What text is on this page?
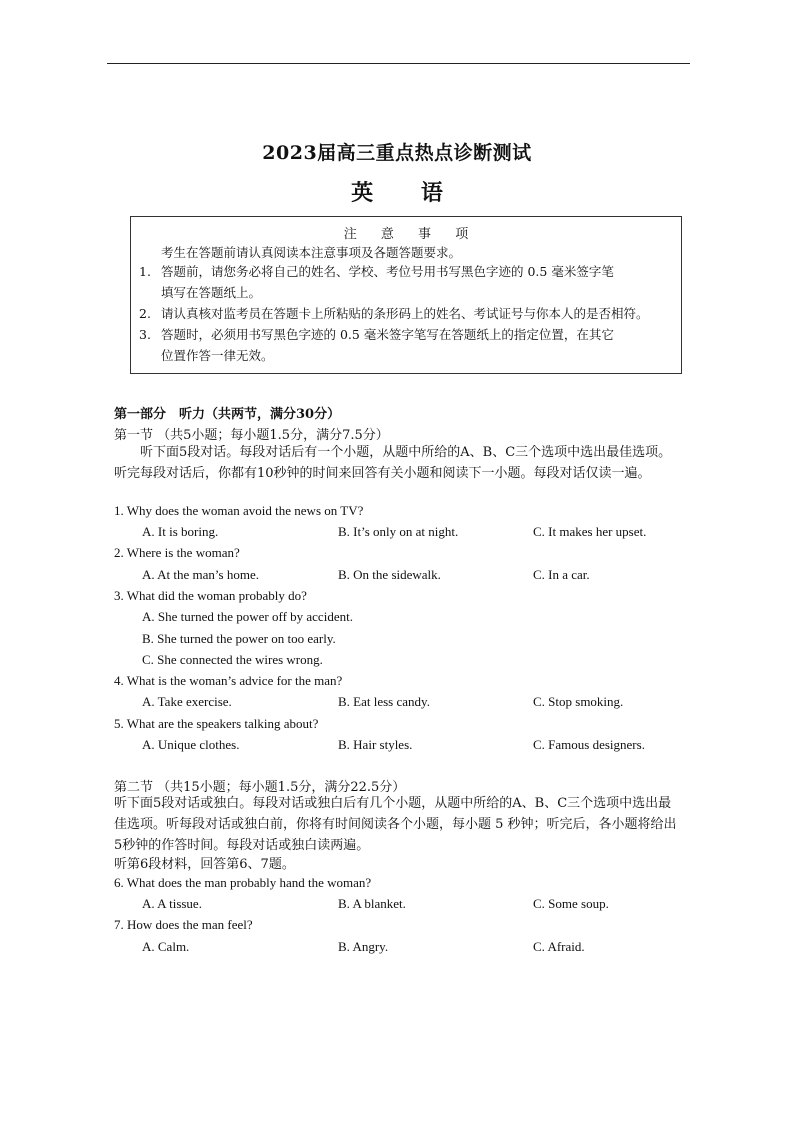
2023届高三重点热点诊断测试
英 语
注 意 事 项
考生在答题前请认真阅读本注意事项及各题答题要求。
1. 答题前，请您务必将自己的姓名、学校、考位号用书写黑色字迹的 0.5 毫米签字笔
填写在答题纸上。
2. 请认真核对监考员在答题卡上所粘贴的条形码上的姓名、考试证号与你本人的是否相符。
3. 答题时，必须用书写黑色字迹的 0.5 毫米签字笔写在答题纸上的指定位置，在其它
位置作答一律无效。
第一部分　听力（共两节，满分30分）
第一节 （共5小题；每小题1.5分，满分7.5分）
听下面5段对话。每段对话后有一个小题，从题中所给的A、B、C三个选项中选出最佳选项。听完每段对话后，你都有10秒钟的时间来回答有关小题和阅读下一小题。每段对话仅读一遍。
1. Why does the woman avoid the news on TV?
A. It is boring.	B. It’s only on at night.	C. It makes her upset.
2. Where is the woman?
A. At the man’s home.	B. On the sidewalk.	C. In a car.
3. What did the woman probably do?
A. She turned the power off by accident.
B. She turned the power on too early.
C. She connected the wires wrong.
4. What is the woman’s advice for the man?
A. Take exercise.	B. Eat less candy.	C. Stop smoking.
5. What are the speakers talking about?
A. Unique clothes.	B. Hair styles.	C. Famous designers.
第二节 （共15小题；每小题1.5分，满分22.5分）
听下面5段对话或独白。每段对话或独白后有几个小题，从题中所给的A、B、C三个选项中选出最佳选项。听每段对话或独白前，你将有时间阅读各个小题，每小题 5 秒钟；听完后，各小题将给出5秒钟的作答时间。每段对话或独白读两遍。
听第6段材料，回答第6、7题。
6. What does the man probably hand the woman?
A. A tissue.	B. A blanket.	C. Some soup.
7. How does the man feel?
A. Calm.	B. Angry.	C. Afraid.
